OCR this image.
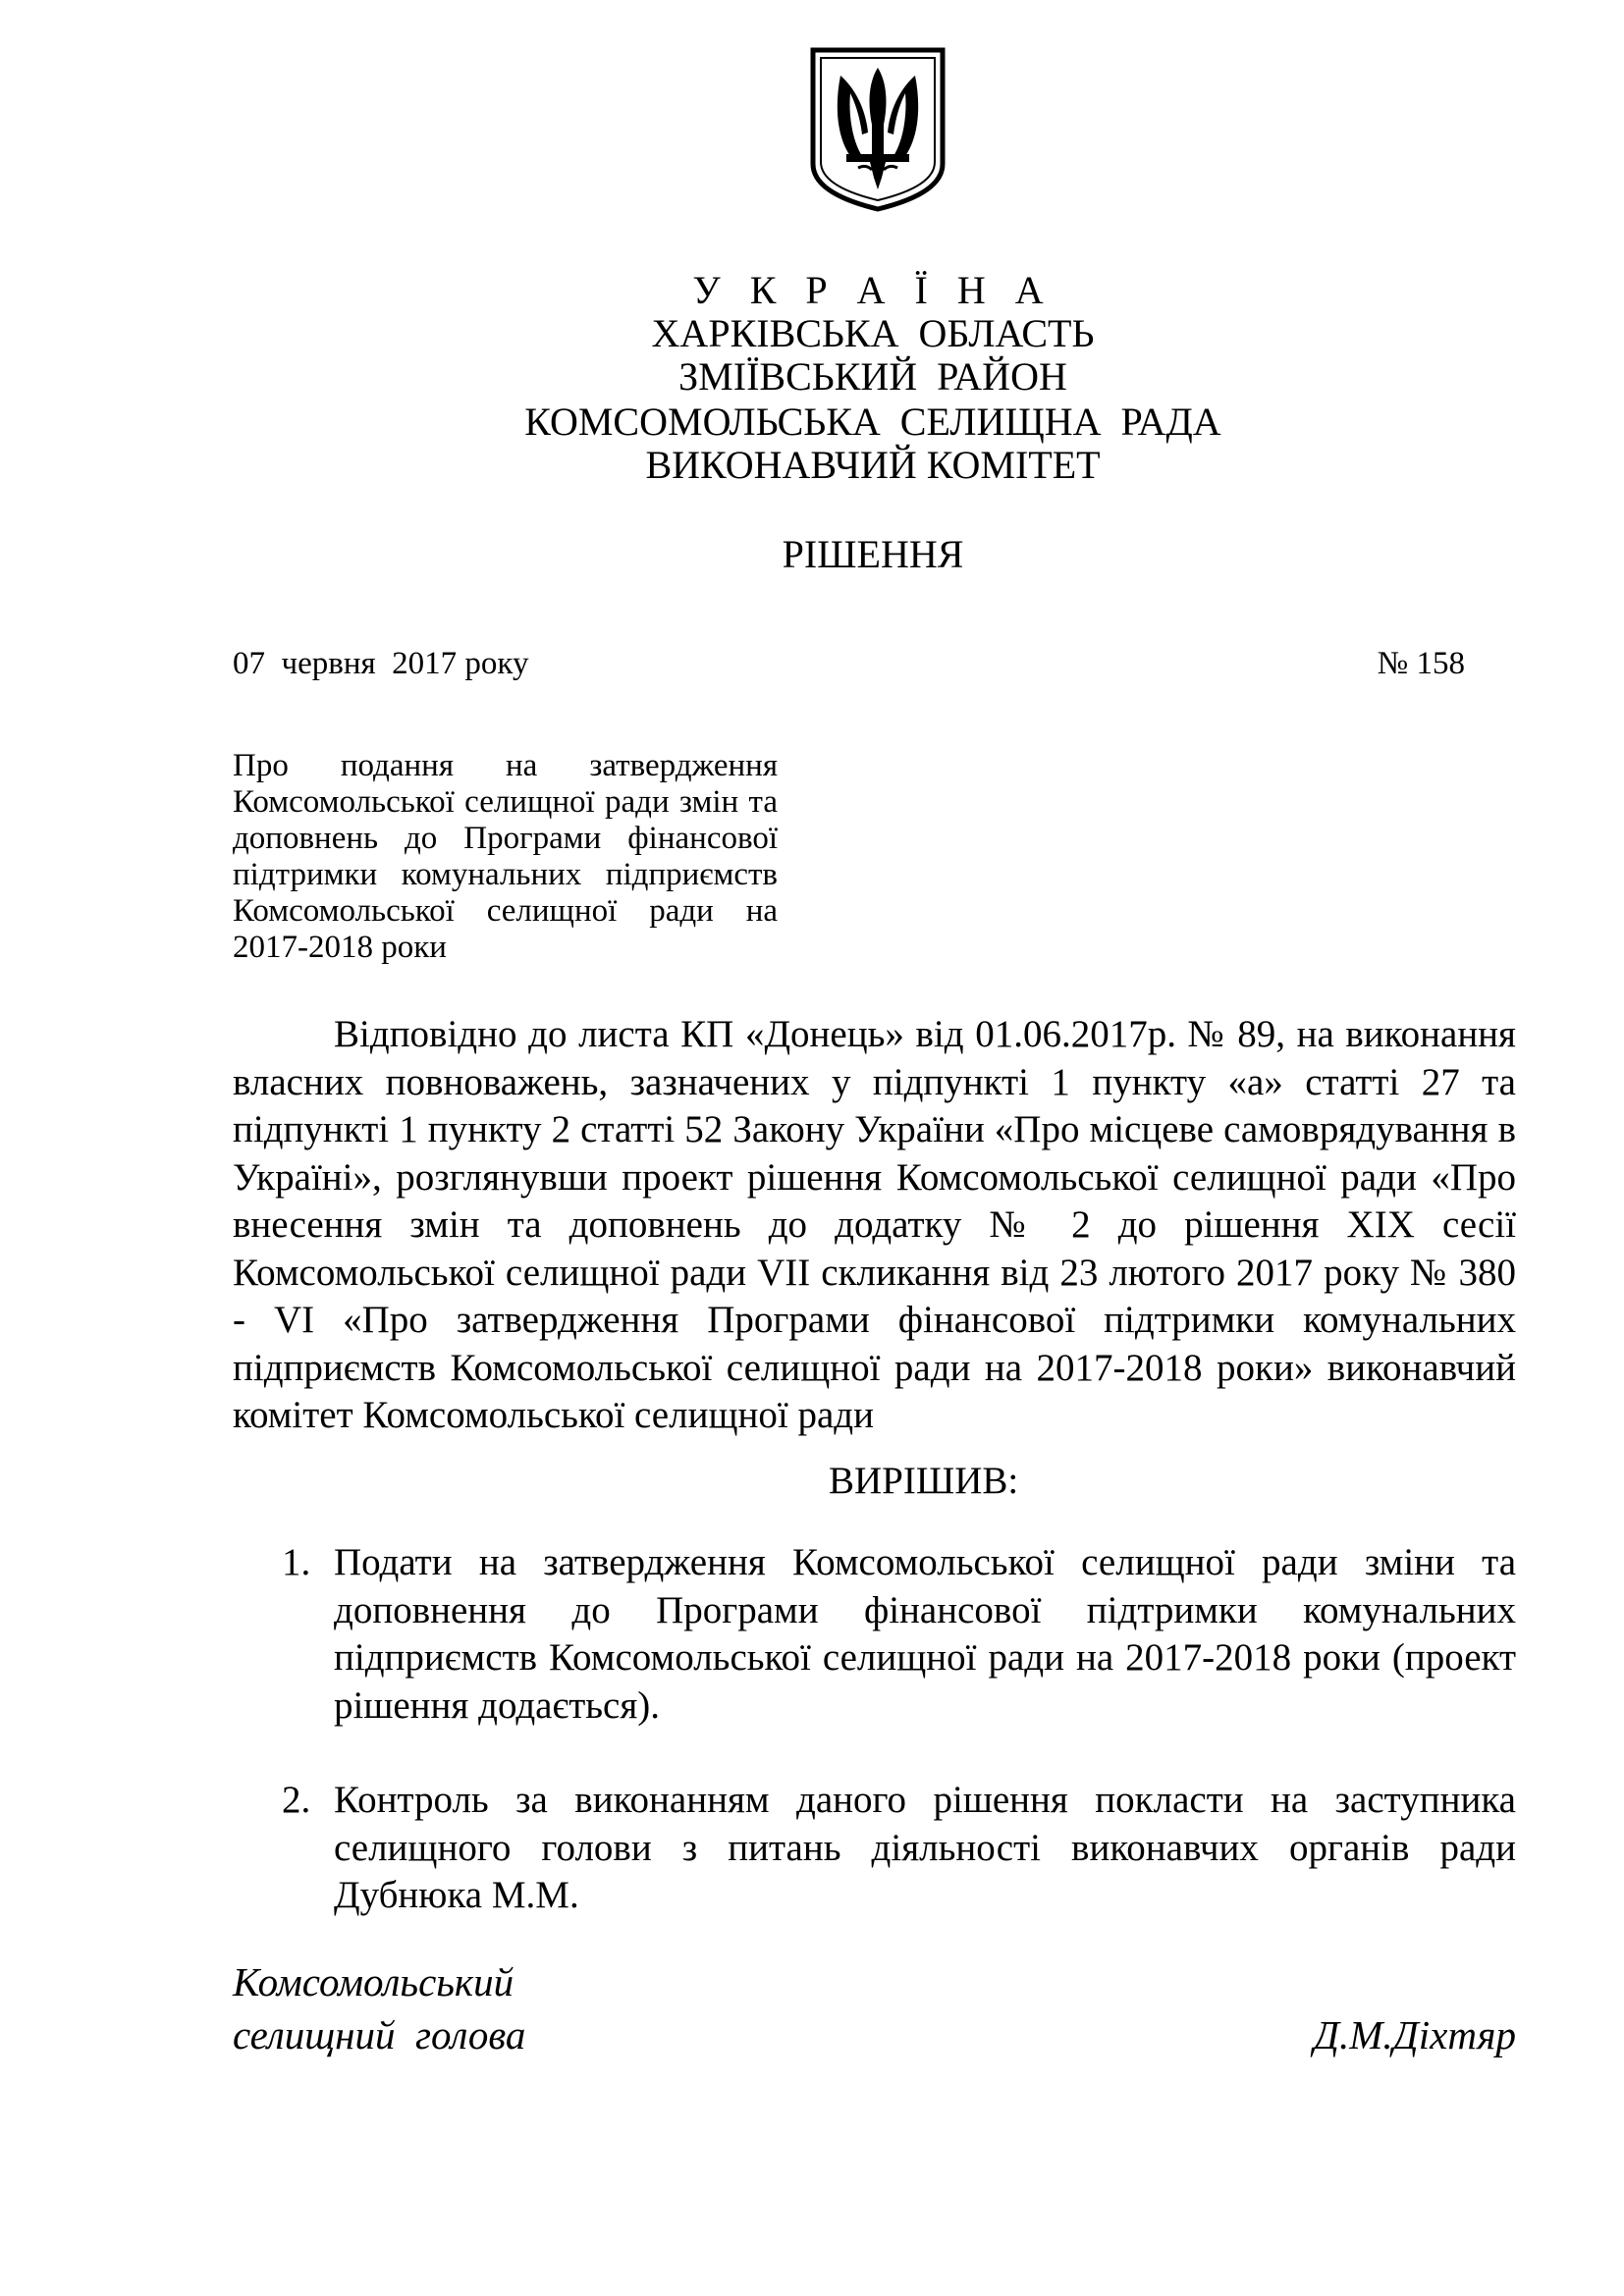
У К Р А Ї Н А
ХАРКІВСЬКА  ОБЛАСТЬ
ЗМІЇВСЬКИЙ  РАЙОН
КОМСОМОЛЬСЬКА  СЕЛИЩНА  РАДА
ВИКОНАВЧИЙ КОМІТЕТ
РІШЕННЯ
07  червня  2017 року	№ 158
Про подання на затвердження Комсомольської селищної ради змін та доповнень до Програми фінансової підтримки комунальних підприємств Комсомольської селищної ради на 2017-2018 роки
Відповідно до листа КП «Донець» від 01.06.2017р. № 89, на виконання власних повноважень, зазначених у підпункті 1 пункту «а» статті 27 та підпункті 1 пункту 2 статті 52 Закону України «Про місцеве самоврядування в Україні», розглянувши проект рішення Комсомольської селищної ради «Про внесення змін та доповнень до додатку № 2 до рішення XIX сесії Комсомольської селищної ради VII скликання від 23 лютого 2017 року № 380 - VI «Про затвердження Програми фінансової підтримки комунальних підприємств Комсомольської селищної ради на 2017-2018 роки» виконавчий комітет Комсомольської селищної ради
ВИРІШИВ:
1. Подати на затвердження Комсомольської селищної ради зміни та доповнення до Програми фінансової підтримки комунальних підприємств Комсомольської селищної ради на 2017-2018 роки (проект рішення додається).
2. Контроль за виконанням даного рішення покласти на заступника селищного голови з питань діяльності виконавчих органів ради Дубнюка М.М.
Комсомольський
селищний  голова	Д.М.Діхтяр
